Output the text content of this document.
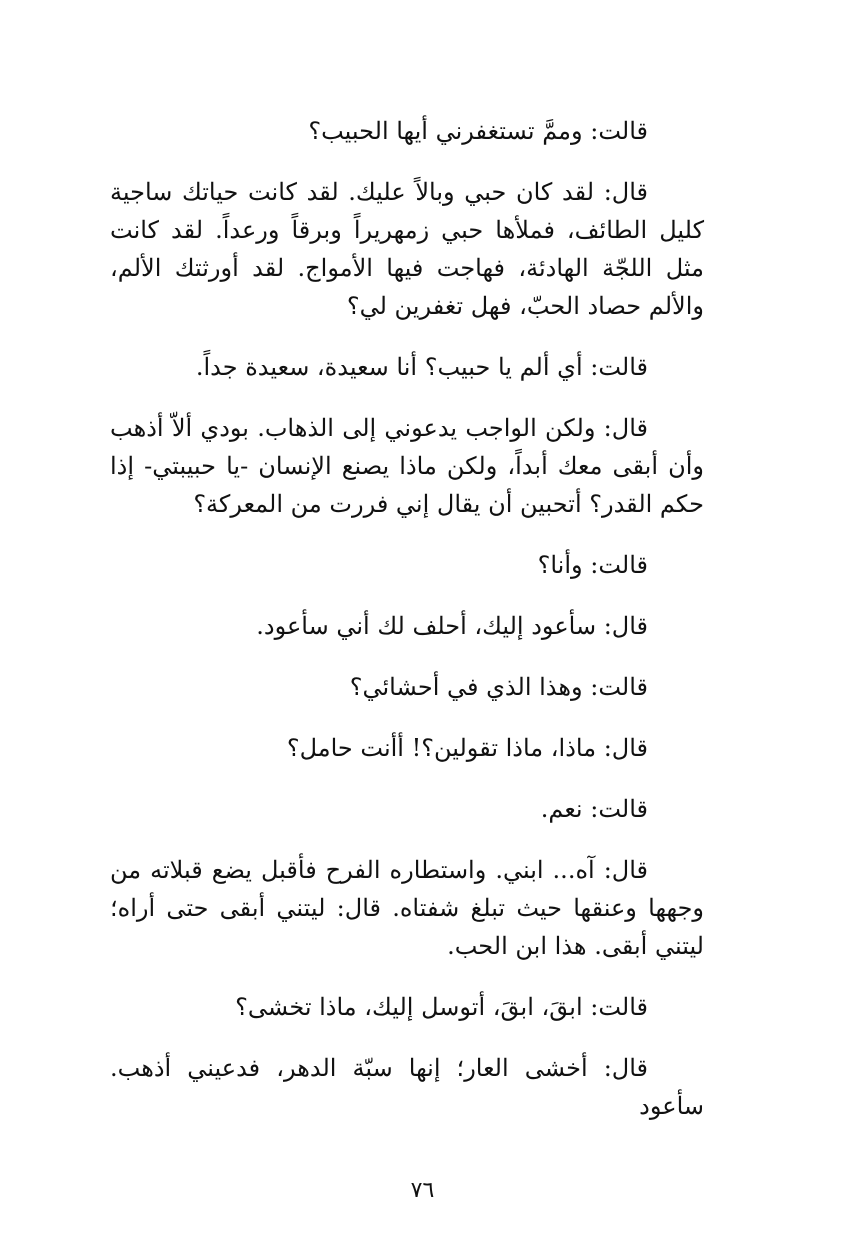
قالت: وممَّ تستغفرني أيها الحبيب؟

قال: لقد كان حبي وبالاً عليك. لقد كانت حياتك ساجية كليل الطائف، فملأها حبي زمهريراً وبرقاً ورعداً. لقد كانت مثل اللجّة الهادئة، فهاجت فيها الأمواج. لقد أورثتك الألم، والألم حصاد الحبّ، فهل تغفرين لي؟

قالت: أي ألم يا حبيب؟ أنا سعيدة، سعيدة جداً.

قال: ولكن الواجب يدعوني إلى الذهاب. بودي ألاّ أذهب وأن أبقى معك أبداً، ولكن ماذا يصنع الإنسان -يا حبيبتي- إذا حكم القدر؟ أتحبين أن يقال إني فررت من المعركة؟

قالت: وأنا؟

قال: سأعود إليك، أحلف لك أني سأعود.

قالت: وهذا الذي في أحشائي؟

قال: ماذا، ماذا تقولين؟! أأنت حامل؟

قالت: نعم.

قال: آه... ابني. واستطاره الفرح فأقبل يضع قبلاته من وجهها وعنقها حيث تبلغ شفتاه. قال: ليتني أبقى حتى أراه؛ ليتني أبقى. هذا ابن الحب.

قالت: ابقَ، ابقَ، أتوسل إليك، ماذا تخشى؟

قال: أخشى العار؛ إنها سبّة الدهر، فدعيني أذهب. سأعود

٧٦
